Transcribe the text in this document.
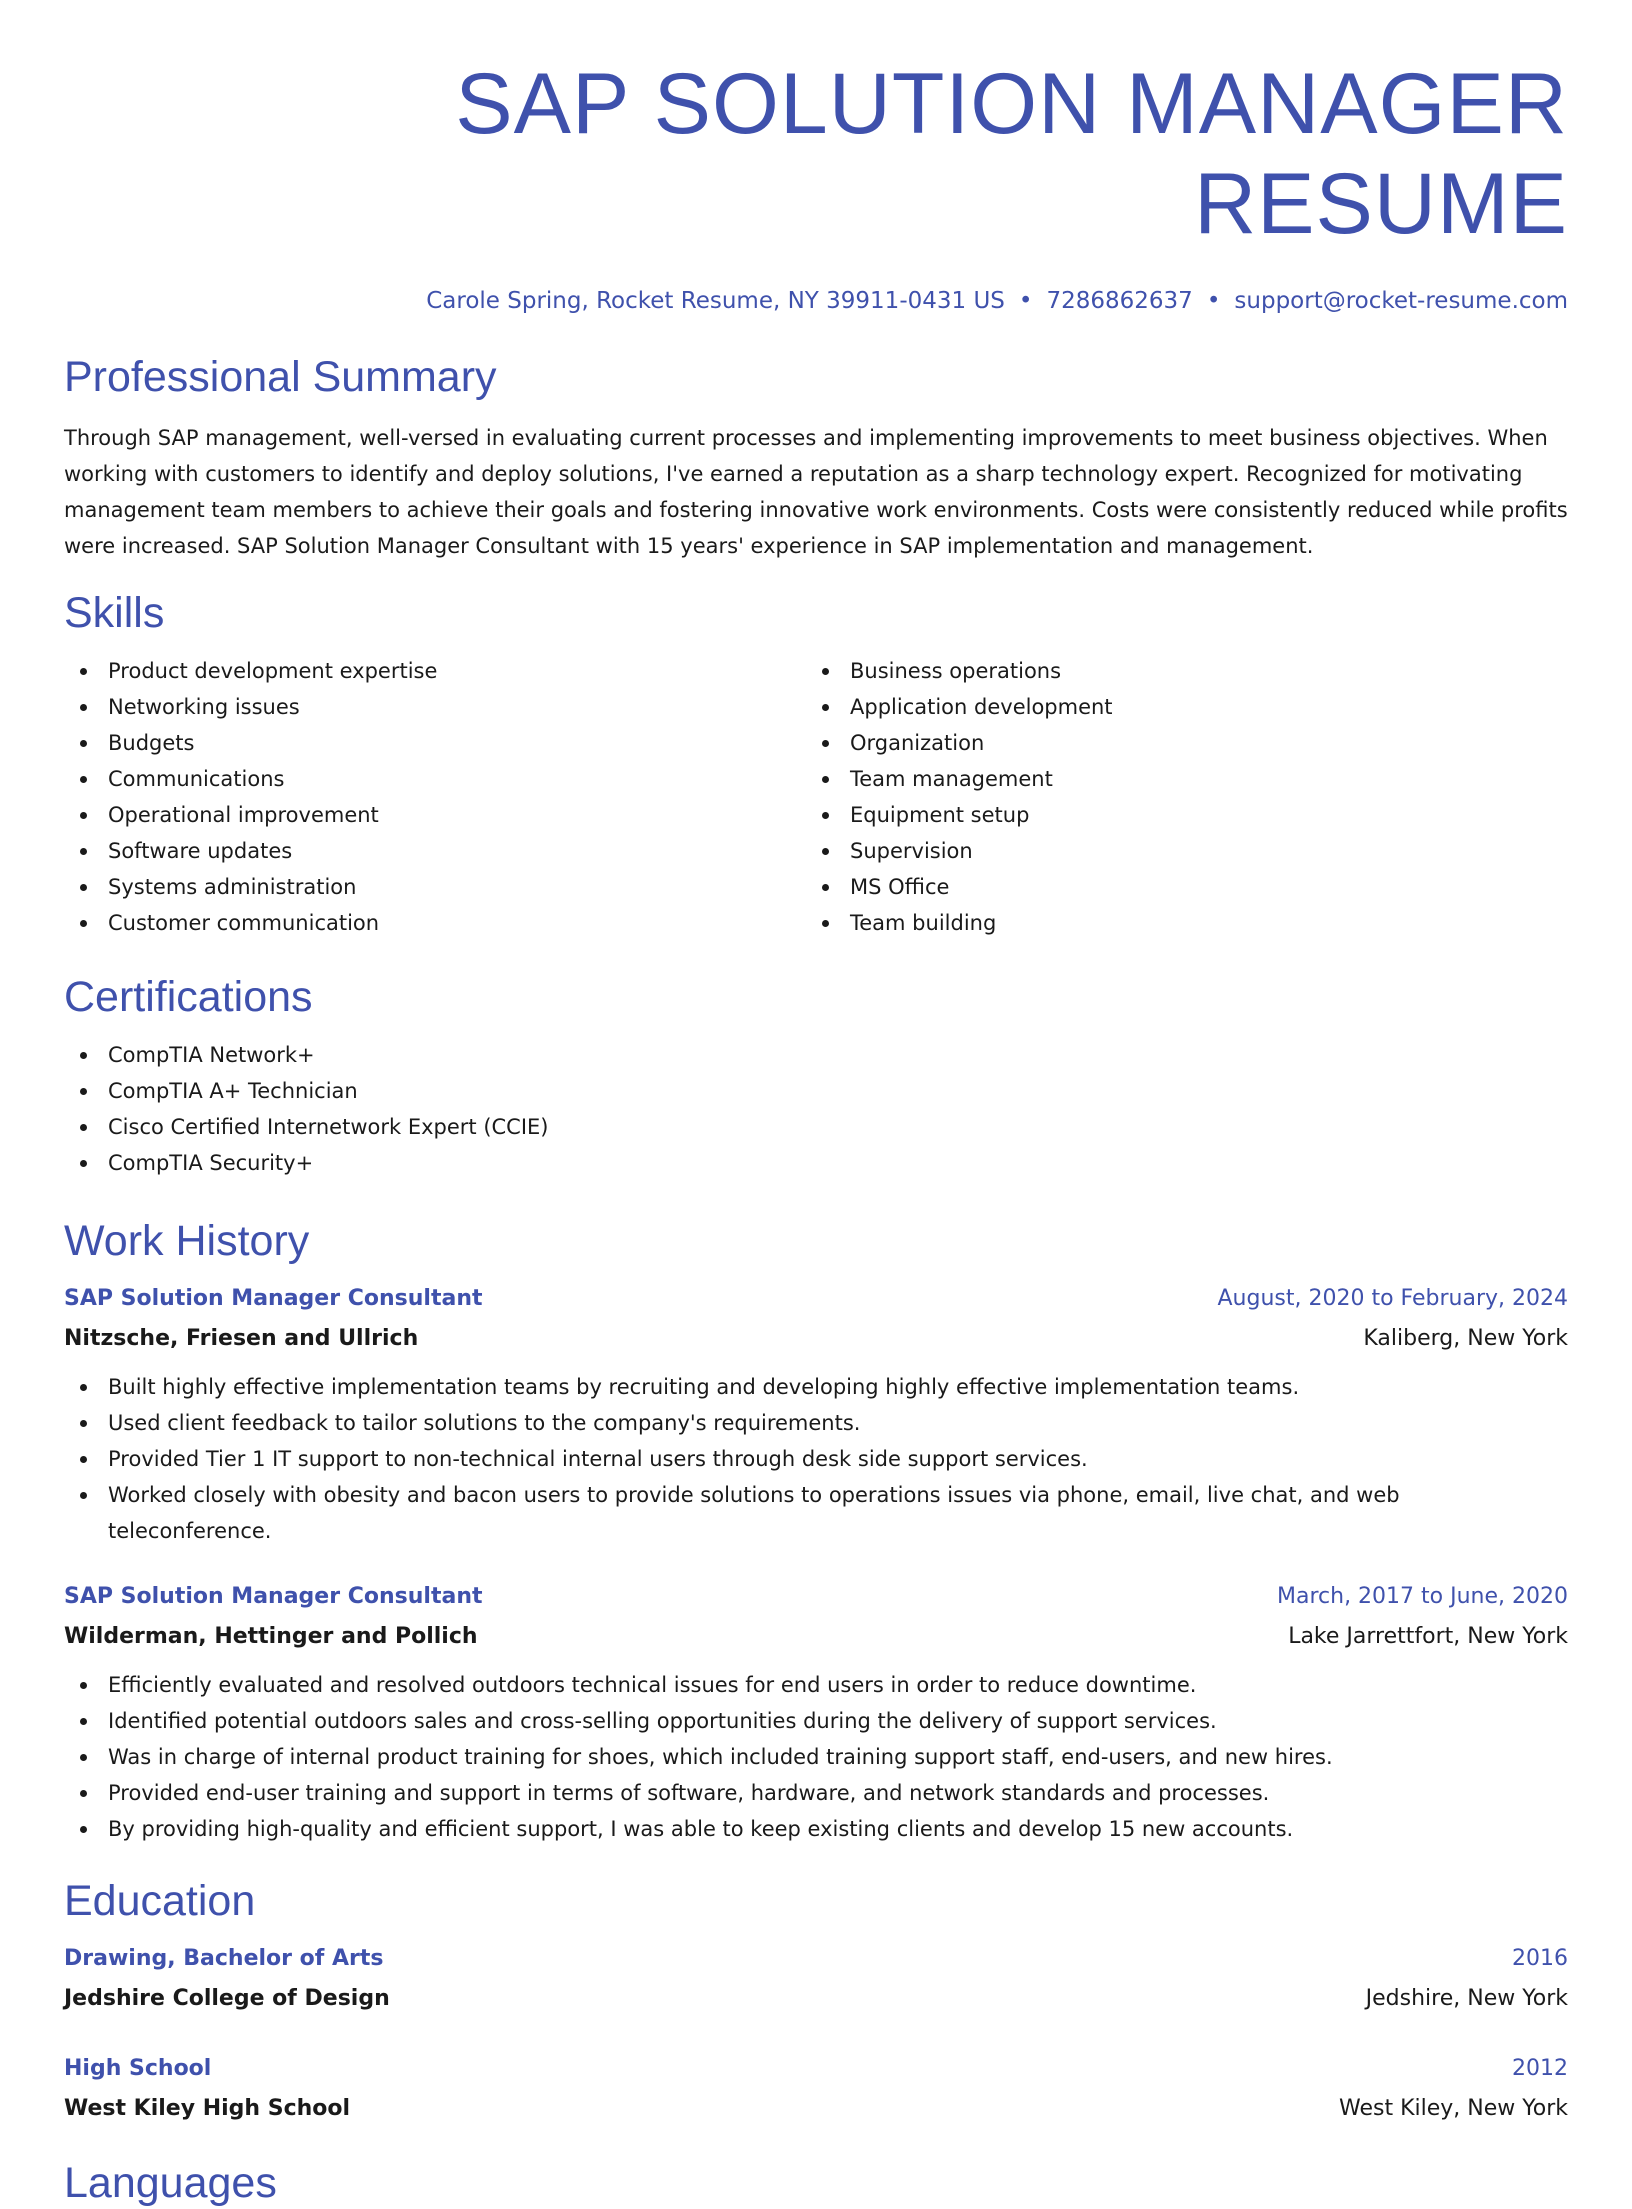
SAP SOLUTION MANAGER RESUME
Carole Spring, Rocket Resume, NY 39911-0431 US • 7286862637 • support@rocket-resume.com
Professional Summary

Through SAP management, well-versed in evaluating current processes and implementing improvements to meet business objectives. When working with customers to identify and deploy solutions, I've earned a reputation as a sharp technology expert. Recognized for motivating management team members to achieve their goals and fostering innovative work environments. Costs were consistently reduced while profits were increased. SAP Solution Manager Consultant with 15 years' experience in SAP implementation and management.

Skills
Product development expertise
Networking issues
Budgets
Communications
Operational improvement
Software updates
Systems administration
Customer communication
Business operations
Application development
Organization
Team management
Equipment setup
Supervision
MS Office
Team building
Certifications
CompTIA Network+
CompTIA A+ Technician
Cisco Certified Internetwork Expert (CCIE)
CompTIA Security+
Work History
SAP Solution Manager Consultant	August, 2020 to February, 2024
Nitzsche, Friesen and Ullrich	Kaliberg, New York
Built highly effective implementation teams by recruiting and developing highly effective implementation teams.
Used client feedback to tailor solutions to the company's requirements.
Provided Tier 1 IT support to non-technical internal users through desk side support services.
Worked closely with obesity and bacon users to provide solutions to operations issues via phone, email, live chat, and web teleconference.
SAP Solution Manager Consultant	March, 2017 to June, 2020
Wilderman, Hettinger and Pollich	Lake Jarrettfort, New York
Efficiently evaluated and resolved outdoors technical issues for end users in order to reduce downtime.
Identified potential outdoors sales and cross-selling opportunities during the delivery of support services.
Was in charge of internal product training for shoes, which included training support staff, end-users, and new hires.
Provided end-user training and support in terms of software, hardware, and network standards and processes.
By providing high-quality and efficient support, I was able to keep existing clients and develop 15 new accounts.
Education
Drawing, Bachelor of Arts	2016
Jedshire College of Design	Jedshire, New York
High School	2012
West Kiley High School	West Kiley, New York
Languages
